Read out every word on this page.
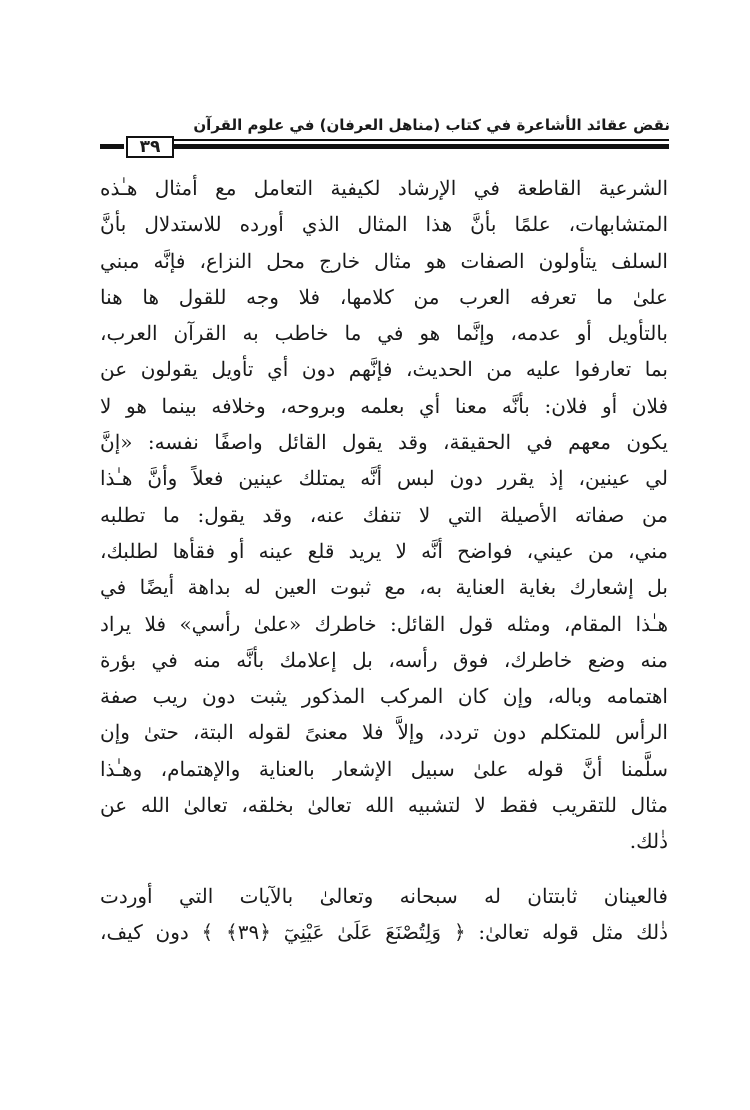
نقض عقائد الأشاعرة في كتاب (مناهل العرفان) في علوم القرآن
٣٩
الشرعية القاطعة في الإرشاد لكيفية التعامل مع أمثال هـٰذه
المتشابهات، علمًا بأنَّ هذا المثال الذي أورده للاستدلال بأنَّ
السلف يتأولون الصفات هو مثال خارج محل النزاع، فإنَّه مبني
علىٰ ما تعرفه العرب من كلامها، فلا وجه للقول ها هنا
بالتأويل أو عدمه، وإنَّما هو في ما خاطب به القرآن العرب،
بما تعارفوا عليه من الحديث، فإنَّهم دون أي تأويل يقولون عن
فلان أو فلان: بأنَّه معنا أي بعلمه وبروحه، وخلافه بينما هو لا
يكون معهم في الحقيقة، وقد يقول القائل واصفًا نفسه: «إنَّ
لي عينين، إذ يقرر دون لبس أنَّه يمتلك عينين فعلاً وأنَّ هـٰذا
من صفاته الأصيلة التي لا تنفك عنه، وقد يقول: ما تطلبه
مني، من عيني، فواضح أنَّه لا يريد قلع عينه أو فقأها لطلبك،
بل إشعارك بغاية العناية به، مع ثبوت العين له بداهة أيضًا في
هـٰذا المقام، ومثله قول القائل: خاطرك «علىٰ رأسي» فلا يراد
منه وضع خاطرك، فوق رأسه، بل إعلامك بأنَّه منه في بؤرة
اهتمامه وباله، وإن كان المركب المذكور يثبت دون ريب صفة
الرأس للمتكلم دون تردد، وإلاَّ فلا معنىً لقوله البتة، حتىٰ وإن
سلَّمنا أنَّ قوله علىٰ سبيل الإشعار بالعناية والإهتمام، وهـٰذا
مثال للتقريب فقط لا لتشبيه الله تعالىٰ بخلقه، تعالىٰ الله عن
ذٰلك.
فالعينان ثابتتان له سبحانه وتعالىٰ بالآيات التي أوردت
ذٰلك مثل قوله تعالىٰ: ﴿ وَلِتُصْنَعَ عَلَىٰ عَيْنِيٓ ﴿٣٩﴾ ﴾ دون كيف،
